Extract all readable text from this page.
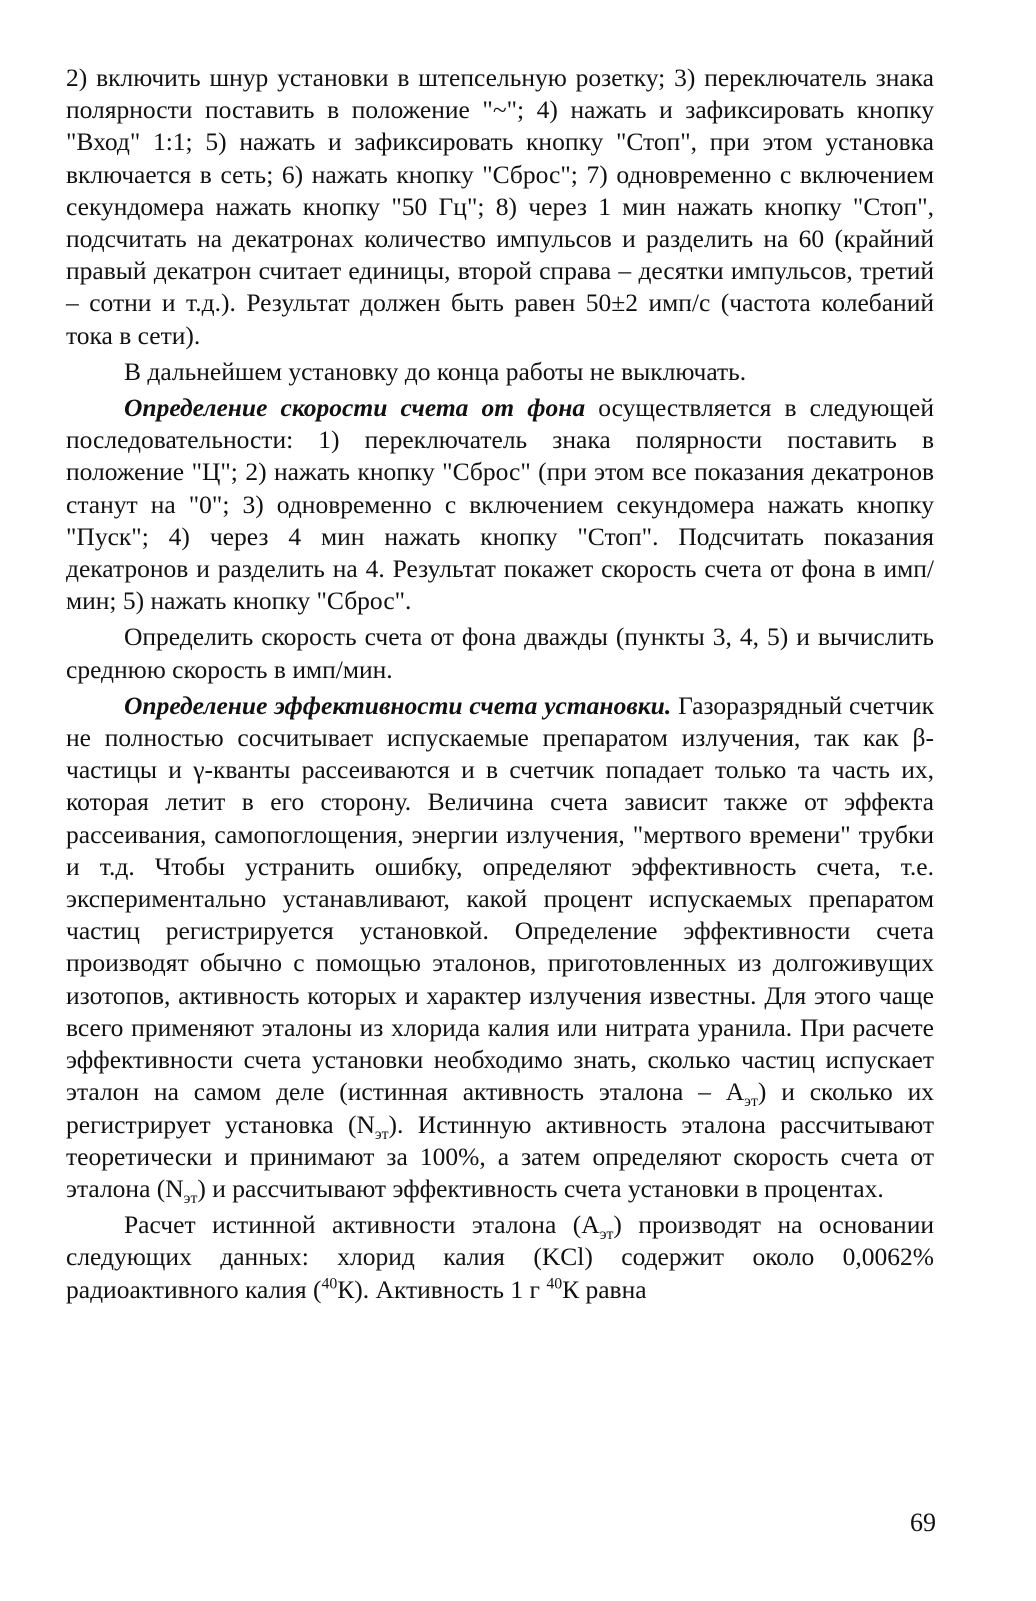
2) включить шнур установки в штепсельную розетку; 3) переключатель знака полярности поставить в положение "~"; 4) нажать и зафиксировать кнопку "Вход" 1:1; 5) нажать и зафиксировать кнопку "Стоп", при этом установка включается в сеть; 6) нажать кнопку "Сброс"; 7) одновременно с включением секундомера нажать кнопку "50 Гц"; 8) через 1 мин нажать кнопку "Стоп", подсчитать на декатронах количество импульсов и разделить на 60 (крайний правый декатрон считает единицы, второй справа – десятки импульсов, третий – сотни и т.д.). Результат должен быть равен 50±2 имп/с (частота колебаний тока в сети).

В дальнейшем установку до конца работы не выключать.

Определение скорости счета от фона осуществляется в следующей последовательности: 1) переключатель знака полярности поставить в положение "Ц"; 2) нажать кнопку "Сброс" (при этом все показания декатронов станут на "0"; 3) одновременно с включением секундомера нажать кнопку "Пуск"; 4) через 4 мин нажать кнопку "Стоп". Подсчитать показания декатронов и разделить на 4. Результат покажет скорость счета от фона в имп/мин; 5) нажать кнопку "Сброс".

Определить скорость счета от фона дважды (пункты 3, 4, 5) и вычислить среднюю скорость в имп/мин.

Определение эффективности счета установки. Газоразрядный счетчик не полностью сосчитывает испускаемые препаратом излучения, так как β-частицы и γ-кванты рассеиваются и в счетчик попадает только та часть их, которая летит в его сторону. Величина счета зависит также от эффекта рассеивания, самопоглощения, энергии излучения, "мертвого времени" трубки и т.д. Чтобы устранить ошибку, определяют эффективность счета, т.е. экспериментально устанавливают, какой процент испускаемых препаратом частиц регистрируется установкой. Определение эффективности счета производят обычно с помощью эталонов, приготовленных из долгоживущих изотопов, активность которых и характер излучения известны. Для этого чаще всего применяют эталоны из хлорида калия или нитрата уранила. При расчете эффективности счета установки необходимо знать, сколько частиц испускает эталон на самом деле (истинная активность эталона – $А_{эт}$) и сколько их регистрирует установка $(N_{эт})$. Истинную активность эталона рассчитывают теоретически и принимают за 100%, а затем определяют скорость счета от эталона $(N_{эт})$ и рассчитывают эффективность счета установки в процентах.

Расчет истинной активности эталона $(А_{эт})$ производят на основании следующих данных: хлорид калия (KCl) содержит около 0,0062% радиоактивного калия ($^{40}$К). Активность 1 г $^{40}$К равна

69
